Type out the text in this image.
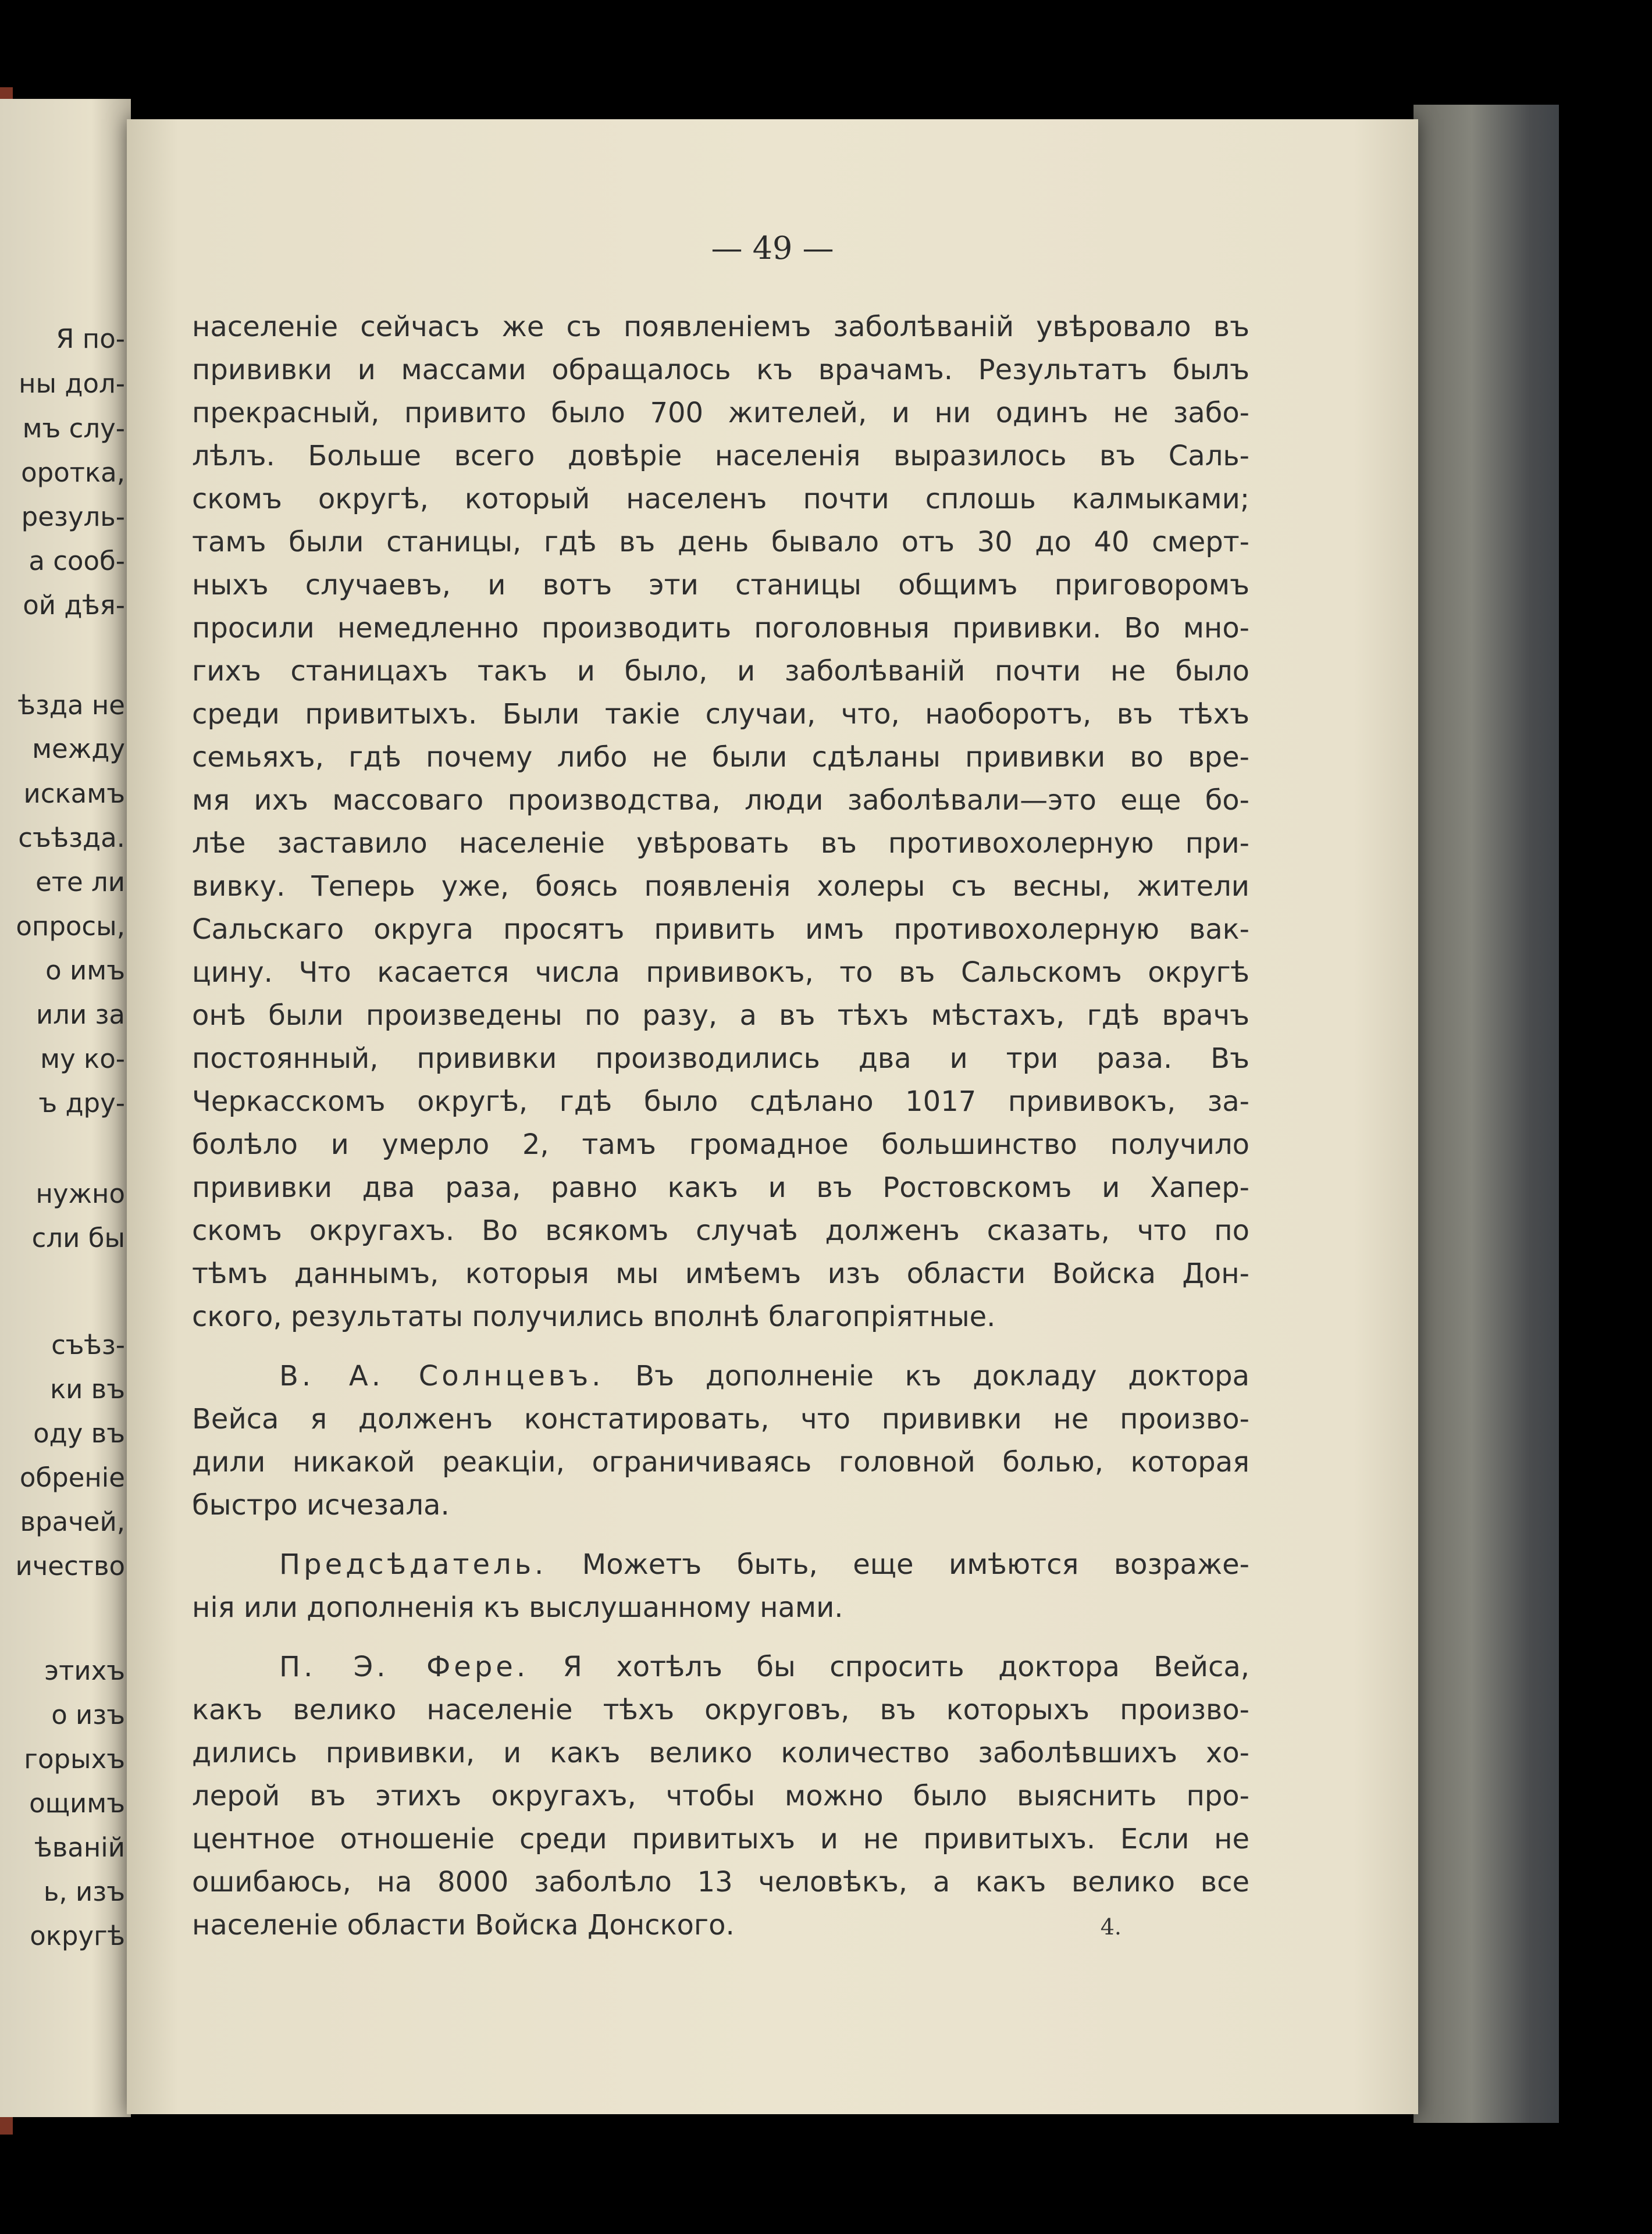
Я по-
ны дол-
мъ слу-
оротка,
резуль-
а сооб-
ой дѣя-
ѣзда не
между
искамъ
съѣзда.
ете ли
опросы,
о имъ
или за
му ко-
ъ дру-
нужно
сли бы
съѣз-
ки въ
оду въ
обреніе
врачей,
ичество
этихъ
о изъ
горыхъ
ощимъ
ѣваній
ь, изъ
округѣ
— 49 —
населеніе сейчасъ же съ появленіемъ заболѣваній увѣровало въ
прививки и массами обращалось къ врачамъ. Результатъ былъ
прекрасный, привито было 700 жителей, и ни одинъ не забо-
лѣлъ. Больше всего довѣріе населенія выразилось въ Саль-
скомъ округѣ, который населенъ почти сплошь калмыками;
тамъ были станицы, гдѣ въ день бывало отъ 30 до 40 смерт-
ныхъ случаевъ, и вотъ эти станицы общимъ приговоромъ
просили немедленно производить поголовныя прививки. Во мно-
гихъ станицахъ такъ и было, и заболѣваній почти не было
среди привитыхъ. Были такіе случаи, что, наоборотъ, въ тѣхъ
семьяхъ, гдѣ почему либо не были сдѣланы прививки во вре-
мя ихъ массоваго производства, люди заболѣвали—это еще бо-
лѣе заставило населеніе увѣровать въ противохолерную при-
вивку. Теперь уже, боясь появленія холеры съ весны, жители
Сальскаго округа просятъ привить имъ противохолерную вак-
цину. Что касается числа прививокъ, то въ Сальскомъ округѣ
онѣ были произведены по разу, а въ тѣхъ мѣстахъ, гдѣ врачъ
постоянный, прививки производились два и три раза. Въ
Черкасскомъ округѣ, гдѣ было сдѣлано 1017 прививокъ, за-
болѣло и умерло 2, тамъ громадное большинство получило
прививки два раза, равно какъ и въ Ростовскомъ и Хапер-
скомъ округахъ. Во всякомъ случаѣ долженъ сказать, что по
тѣмъ даннымъ, которыя мы имѣемъ изъ области Войска Дон-
ского, результаты получились вполнѣ благопріятные.
В. А. Солнцевъ. Въ дополненіе къ докладу доктора
Вейса я долженъ констатировать, что прививки не произво-
дили никакой реакціи, ограничиваясь головной болью, которая
быстро исчезала.
Предсѣдатель. Можетъ быть, еще имѣются возраже-
нія или дополненія къ выслушанному нами.
П. Э. Фере. Я хотѣлъ бы спросить доктора Вейса,
какъ велико населеніе тѣхъ округовъ, въ которыхъ произво-
дились прививки, и какъ велико количество заболѣвшихъ хо-
лерой въ этихъ округахъ, чтобы можно было выяснить про-
центное отношеніе среди привитыхъ и не привитыхъ. Если не
ошибаюсь, на 8000 заболѣло 13 человѣкъ, а какъ велико все
населеніе области Войска Донского.	4.
